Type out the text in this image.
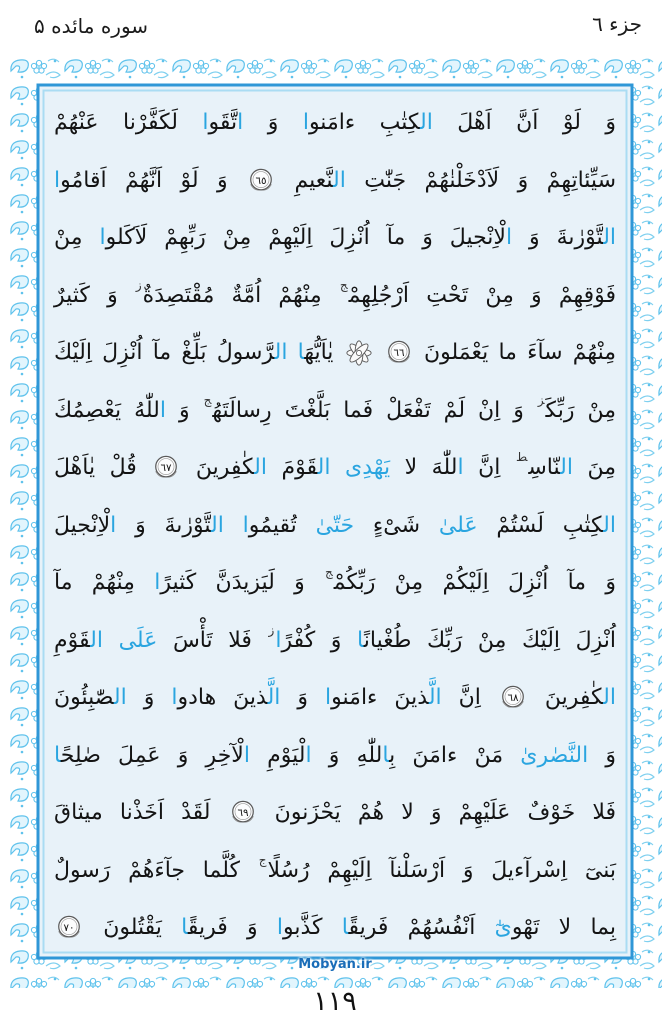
جزء ٦
سوره مائده ۵
وَ لَوْ اَنَّ اَهْلَ الكِتٰبِ ءامَنوا وَ اتَّقَوا لَكَفَّرْنا عَنْهُمْ
سَيِّئاتِهِمْ وَ لَاَدْخَلْنٰهُمْ جَنّٰتِ النَّعيمِ
٦٥
وَ لَوْ اَنَّهُمْ اَقامُوا
التَّوْرٰىةَ وَ الْاِنْجيلَ وَ مآ اُنْزِلَ اِلَيْهِمْ مِنْ رَبِّهِمْ لَاَكَلوا مِنْ
فَوْقِهِمْ وَ مِنْ تَحْتِ اَرْجُلِهِمْ$^ج$ مِنْهُمْ اُمَّةٌ مُقْتَصِدَةٌ$^ز$ وَ كَثيرٌ
مِنْهُمْ سآءَ ما يَعْمَلونَ
٦٦
يٰاَيُّهَا الرَّسولُ بَلِّغْ مآ اُنْزِلَ اِلَيْكَ
مِنْ رَبِّكَ$^ز$ وَ اِنْ لَمْ تَفْعَلْ فَما بَلَّغْتَ رِسالَتَهُ$^ج$ وَ اللّٰهُ يَعْصِمُكَ
مِنَ النّاسِ$^ط$ اِنَّ اللّٰهَ لا يَهْدِى القَوْمَ الكٰفِرينَ
٦٧
قُلْ يٰاَهْلَ
الكِتٰبِ لَسْتُمْ عَلىٰ شَىْءٍ حَتّىٰ تُقيمُوا التَّوْرٰىةَ وَ الْاِنْجيلَ
وَ مآ اُنْزِلَ اِلَيْكُمْ مِنْ رَبِّكُمْ$^ج$ وَ لَيَزيدَنَّ كَثيرًا مِنْهُمْ مآ
اُنْزِلَ اِلَيْكَ مِنْ رَبِّكَ طُغْيانًا وَ كُفْرًا$^ز$ فَلا تَأْسَ عَلَى القَوْمِ
الكٰفِرينَ
٦٨
اِنَّ الَّذينَ ءامَنوا وَ الَّذينَ هادوا وَ الصّٰبِئُونَ
وَ النَّصٰرىٰ مَنْ ءامَنَ بِاللّٰهِ وَ الْيَوْمِ الْآخِرِ وَ عَمِلَ صٰلِحًا
فَلا خَوْفٌ عَلَيْهِمْ وَ لا هُمْ يَحْزَنونَ
٦٩
لَقَدْ اَخَذْنا ميثاقَ
بَنىٓ اِسْرآءيلَ وَ اَرْسَلْنآ اِلَيْهِمْ رُسُلًا$^ج$ كُلَّما جآءَهُمْ رَسولٌ
بِما لا تَهْوىٰٓ اَنْفُسُهُمْ فَريقًا كَذَّبوا وَ فَريقًا يَقْتُلونَ
٧٠
Mobyan.ir
١١٩
